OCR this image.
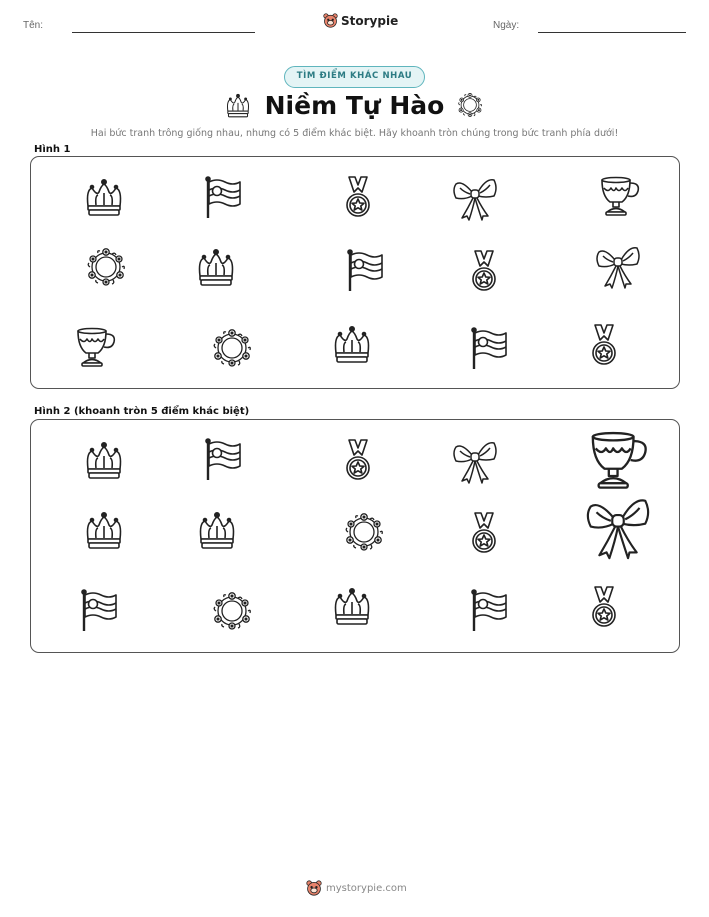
Tên:	Storypie	Ngày:
TÌM ĐIỂM KHÁC NHAU
Niềm Tự Hào
Hai bức tranh trông giống nhau, nhưng có 5 điểm khác biệt. Hãy khoanh tròn chúng trong bức tranh phía dưới!
Hình 1
Hình 2 (khoanh tròn 5 điểm khác biệt)
mystorypie.com
